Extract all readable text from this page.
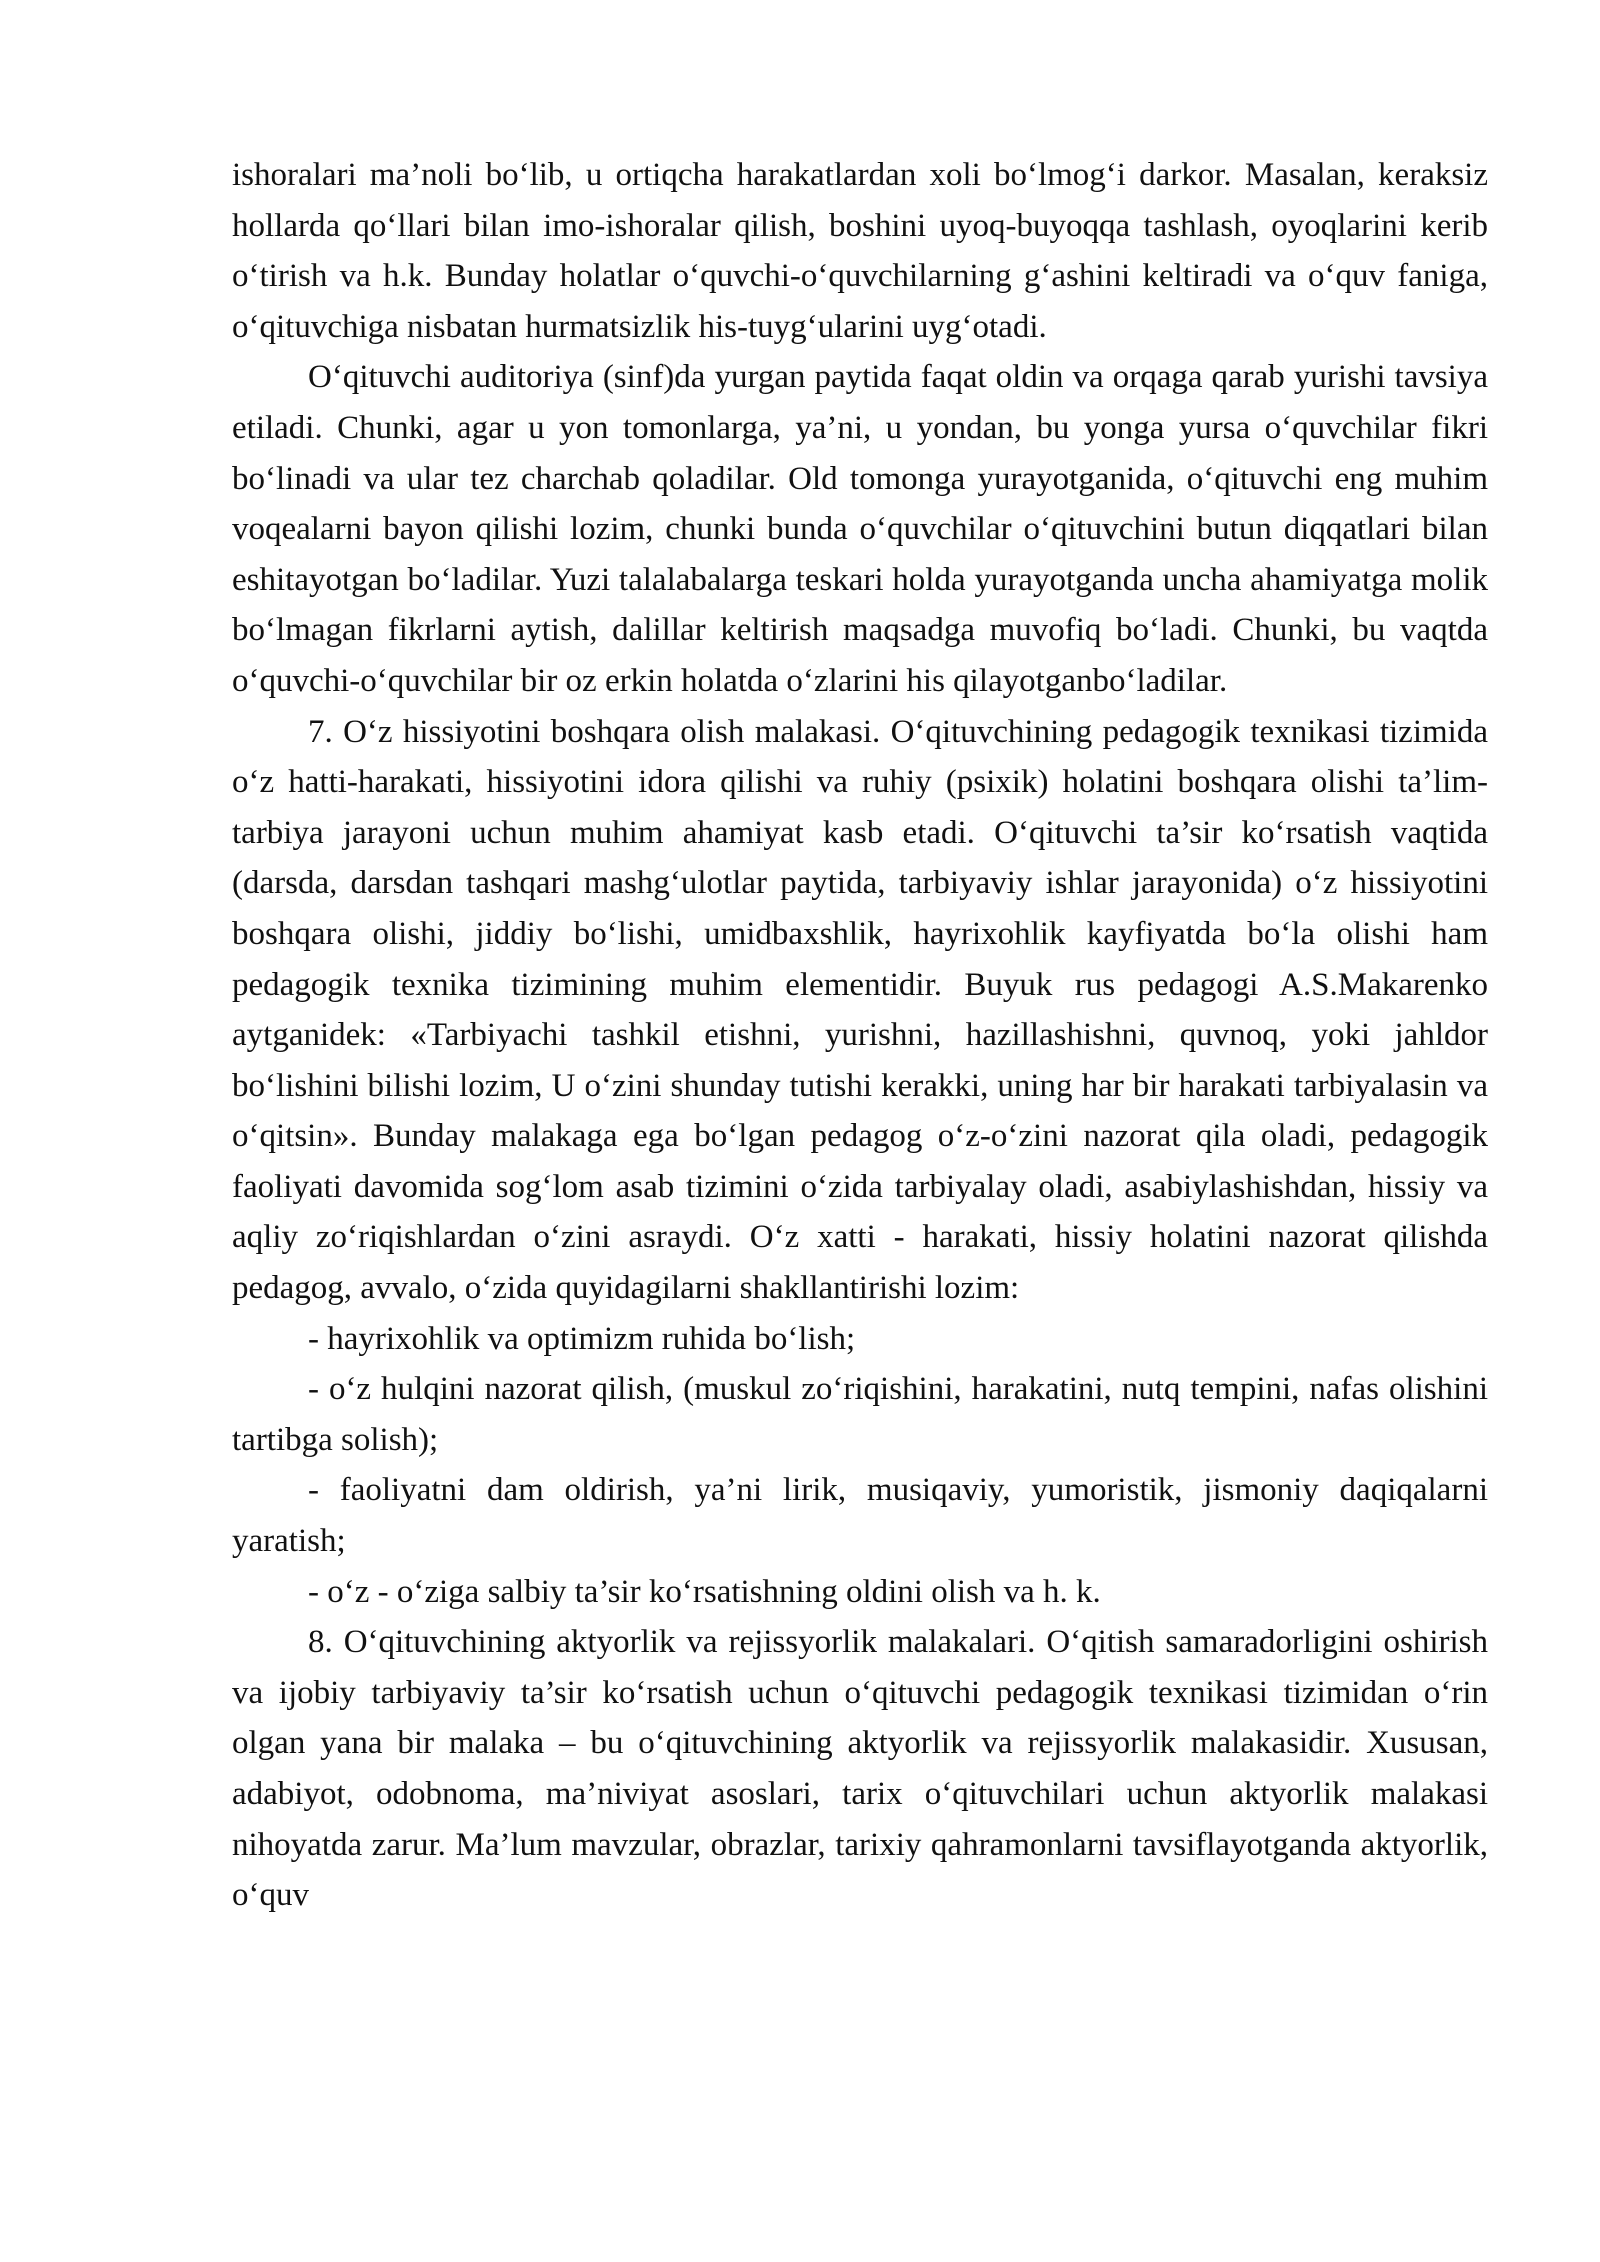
ishoralari ma’noli bo‘lib, u ortiqcha harakatlardan xoli bo‘lmog‘i darkor. Masalan, keraksiz hollarda qo‘llari bilan imo-ishoralar qilish, boshini uyoq-buyoqqa tashlash, oyoqlarini kerib o‘tirish va h.k. Bunday holatlar o‘quvchi-o‘quvchilarning g‘ashini keltiradi va o‘quv faniga, o‘qituvchiga nisbatan hurmatsizlik his-tuyg‘ularini uyg‘otadi.

O‘qituvchi auditoriya (sinf)da yurgan paytida faqat oldin va orqaga qarab yurishi tavsiya etiladi. Chunki, agar u yon tomonlarga, ya’ni, u yondan, bu yonga yursa o‘quvchilar fikri bo‘linadi va ular tez charchab qoladilar. Old tomonga yurayotganida, o‘qituvchi eng muhim voqealarni bayon qilishi lozim, chunki bunda o‘quvchilar o‘qituvchini butun diqqatlari bilan eshitayotgan bo‘ladilar. Yuzi talalabalarga teskari holda yurayotganda uncha ahamiyatga molik bo‘lmagan fikrlarni aytish, dalillar keltirish maqsadga muvofiq bo‘ladi. Chunki, bu vaqtda o‘quvchi-o‘quvchilar bir oz erkin holatda o‘zlarini his qilayotganbo‘ladilar.

7. O‘z hissiyotini boshqara olish malakasi. O‘qituvchining pedagogik texnikasi tizimida o‘z hatti-harakati, hissiyotini idora qilishi va ruhiy (psixik) holatini boshqara olishi ta’lim-tarbiya jarayoni uchun muhim ahamiyat kasb etadi. O‘qituvchi ta’sir ko‘rsatish vaqtida (darsda, darsdan tashqari mashg‘ulotlar paytida, tarbiyaviy ishlar jarayonida) o‘z hissiyotini boshqara olishi, jiddiy bo‘lishi, umidbaxshlik, hayrixohlik kayfiyatda bo‘la olishi ham pedagogik texnika tizimining muhim elementidir. Buyuk rus pedagogi A.S.Makarenko aytganidek: «Tarbiyachi tashkil etishni, yurishni, hazillashishni, quvnoq, yoki jahldor bo‘lishini bilishi lozim, U o‘zini shunday tutishi kerakki, uning har bir harakati tarbiyalasin va o‘qitsin». Bunday malakaga ega bo‘lgan pedagog o‘z-o‘zini nazorat qila oladi, pedagogik faoliyati davomida sog‘lom asab tizimini o‘zida tarbiyalay oladi, asabiylashishdan, hissiy va aqliy zo‘riqishlardan o‘zini asraydi. O‘z xatti - harakati, hissiy holatini nazorat qilishda pedagog, avvalo, o‘zida quyidagilarni shakllantirishi lozim:

- hayrixohlik va optimizm ruhida bo‘lish;

- o‘z hulqini nazorat qilish, (muskul zo‘riqishini, harakatini, nutq tempini, nafas olishini tartibga solish);

- faoliyatni dam oldirish, ya’ni lirik, musiqaviy, yumoristik, jismoniy daqiqalarni yaratish;

- o‘z - o‘ziga salbiy ta’sir ko‘rsatishning oldini olish va h. k.

8. O‘qituvchining aktyorlik va rejissyorlik malakalari. O‘qitish samaradorligini oshirish va ijobiy tarbiyaviy ta’sir ko‘rsatish uchun o‘qituvchi pedagogik texnikasi tizimidan o‘rin olgan yana bir malaka – bu o‘qituvchining aktyorlik va rejissyorlik malakasidir. Xususan, adabiyot, odobnoma, ma’niviyat asoslari, tarix o‘qituvchilari uchun aktyorlik malakasi nihoyatda zarur. Ma’lum mavzular, obrazlar, tarixiy qahramonlarni tavsiflayotganda aktyorlik, o‘quv
